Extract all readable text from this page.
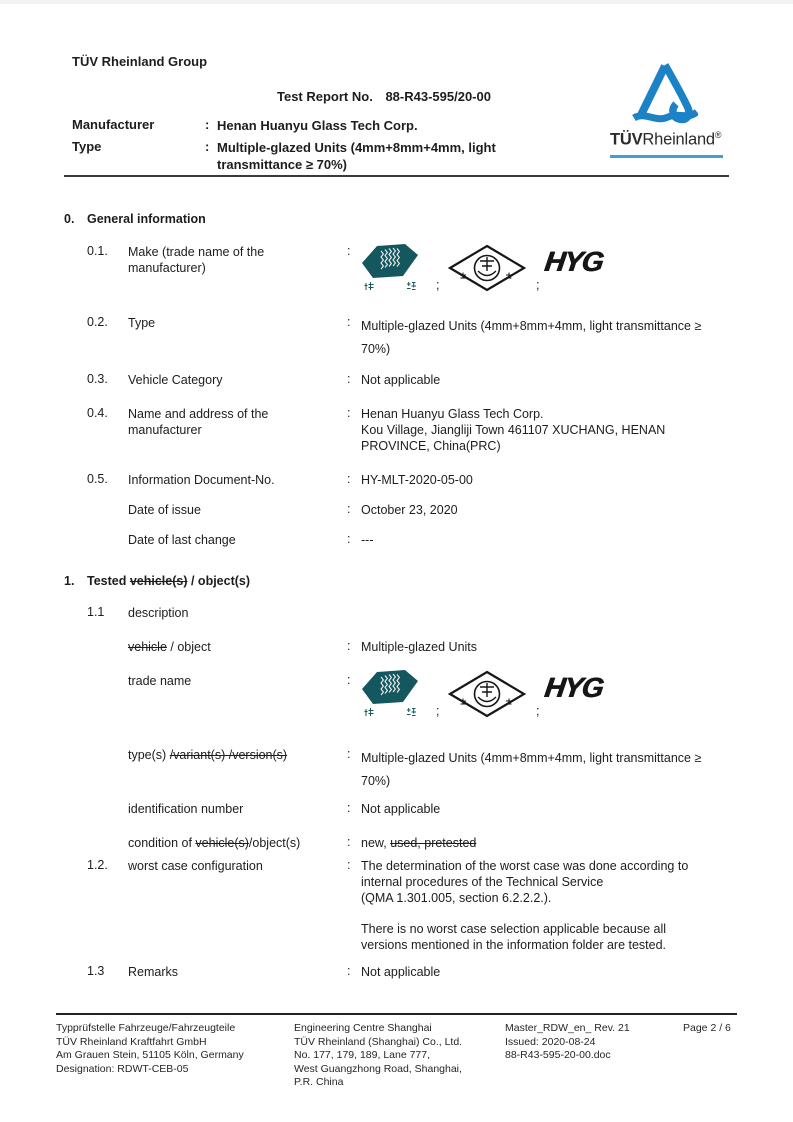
TÜV Rheinland Group
Test Report No. 88-R43-595/20-00
Manufacturer	: Henan Huanyu Glass Tech Corp.
Type	: Multiple-glazed Units (4mm+8mm+4mm, light
transmittance ≥ 70%)
TÜVRheinland®
0. General information
0.1. Make (trade name of the manufacturer)
:
;	;
HYG
0.2. Type	: Multiple-glazed Units (4mm+8mm+4mm, light transmittance ≥
70%)
0.3. Vehicle Category	: Not applicable
0.4. Name and address of the manufacturer
: Henan Huanyu Glass Tech Corp.
Kou Village, Jiangliji Town 461107 XUCHANG, HENAN
PROVINCE, China(PRC)
0.5. Information Document-No.	: HY-MLT-2020-05-00
Date of issue	: October 23, 2020
Date of last change	: ---
1. Tested vehicle(s) / object(s)
1.1 description
vehicle / object	: Multiple-glazed Units
trade name	:
;	;
HYG
type(s) /variant(s) /version(s)	: Multiple-glazed Units (4mm+8mm+4mm, light transmittance ≥
70%)
identification number	: Not applicable
condition of vehicle(s)/object(s)	: new, used, pretested
1.2. worst case configuration	: The determination of the worst case was done according to
internal procedures of the Technical Service
(QMA 1.301.005, section 6.2.2.2.).
There is no worst case selection applicable because all
versions mentioned in the information folder are tested.
1.3 Remarks	: Not applicable
Typprüfstelle Fahrzeuge/Fahrzeugteile
TÜV Rheinland Kraftfahrt GmbH
Am Grauen Stein, 51105 Köln, Germany
Designation: RDWT-CEB-05
Engineering Centre Shanghai
TÜV Rheinland (Shanghai) Co., Ltd.
No. 177, 179, 189, Lane 777,
West Guangzhong Road, Shanghai,
P.R. China
Master_RDW_en_ Rev. 21
Issued: 2020-08-24
88-R43-595-20-00.doc
Page 2 / 6
